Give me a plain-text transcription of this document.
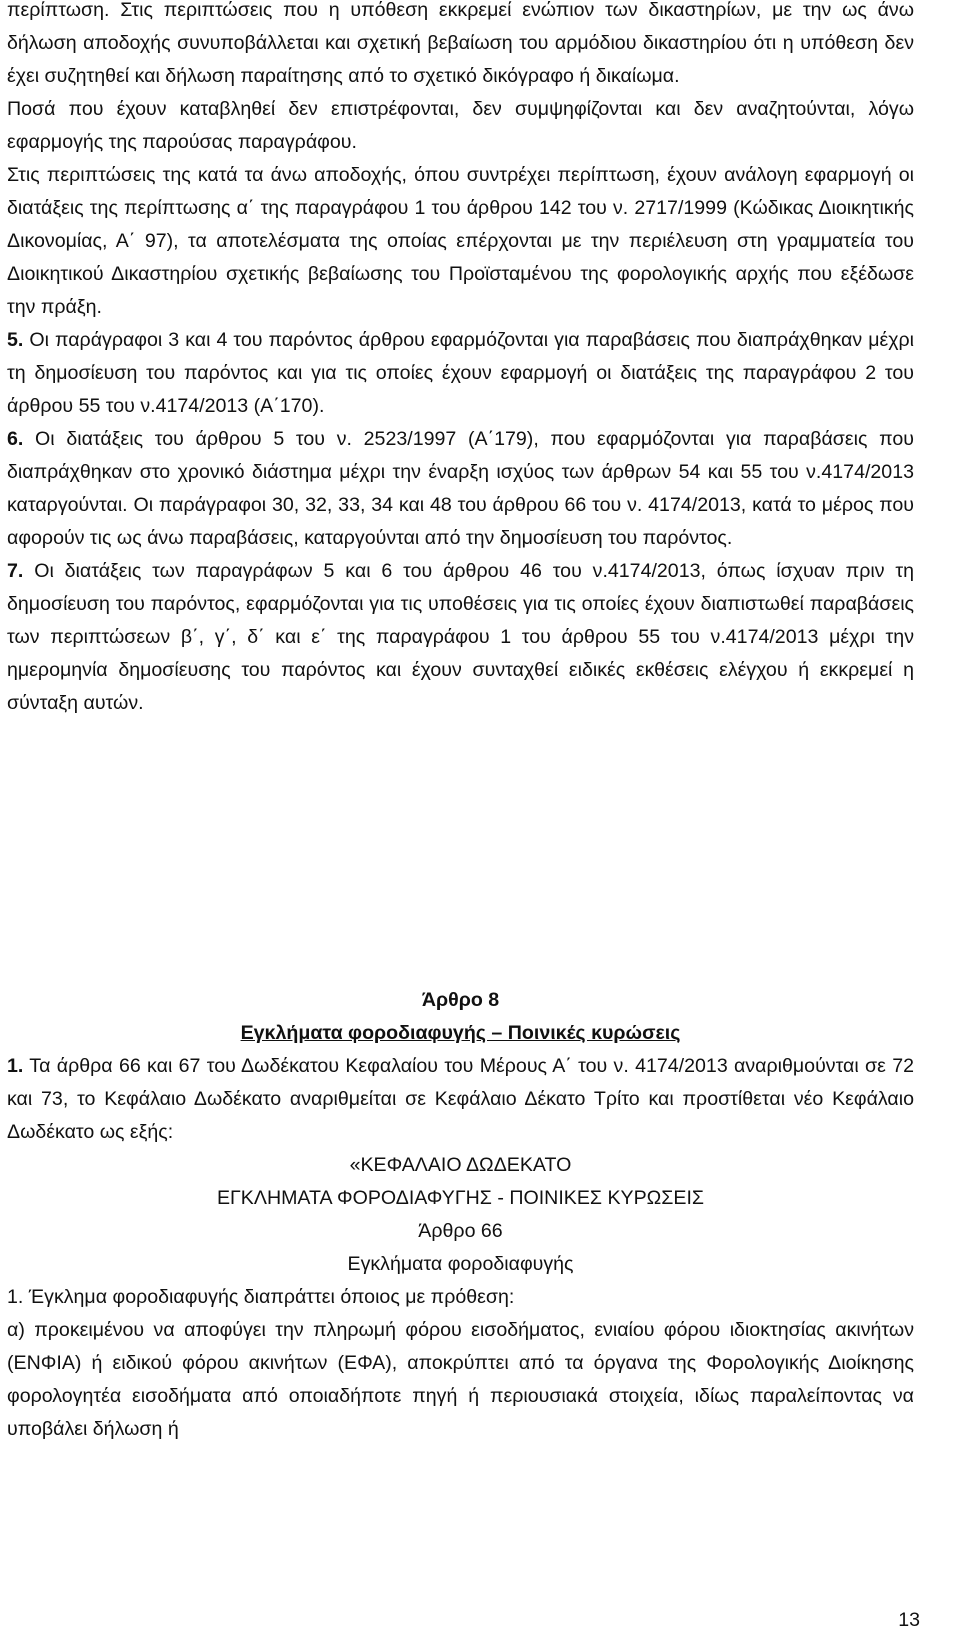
περίπτωση. Στις περιπτώσεις που η υπόθεση εκκρεμεί ενώπιον των δικαστηρίων, με την ως άνω δήλωση αποδοχής συνυποβάλλεται και σχετική βεβαίωση του αρμόδιου δικαστηρίου ότι η υπόθεση δεν έχει συζητηθεί και δήλωση παραίτησης από το σχετικό δικόγραφο ή δικαίωμα.

Ποσά που έχουν καταβληθεί δεν επιστρέφονται, δεν συμψηφίζονται και δεν αναζητούνται, λόγω εφαρμογής της παρούσας παραγράφου.

Στις περιπτώσεις της κατά τα άνω αποδοχής, όπου συντρέχει περίπτωση, έχουν ανάλογη εφαρμογή οι διατάξεις της περίπτωσης α΄ της παραγράφου 1 του άρθρου 142 του ν. 2717/1999 (Κώδικας Διοικητικής Δικονομίας, Α΄ 97), τα αποτελέσματα της οποίας επέρχονται με την περιέλευση στη γραμματεία του Διοικητικού Δικαστηρίου σχετικής βεβαίωσης του Προϊσταμένου της φορολογικής αρχής που εξέδωσε την πράξη.

5. Οι παράγραφοι 3 και 4 του παρόντος άρθρου εφαρμόζονται για παραβάσεις που διαπράχθηκαν μέχρι τη δημοσίευση του παρόντος και για τις οποίες έχουν εφαρμογή οι διατάξεις της παραγράφου 2 του άρθρου 55 του ν.4174/2013 (Α΄170).

6. Οι διατάξεις του άρθρου 5 του ν. 2523/1997 (Α΄179), που εφαρμόζονται για παραβάσεις που διαπράχθηκαν στο χρονικό διάστημα μέχρι την έναρξη ισχύος των άρθρων 54 και 55 του ν.4174/2013 καταργούνται. Οι παράγραφοι 30, 32, 33, 34 και 48 του άρθρου 66 του ν. 4174/2013, κατά το μέρος που αφορούν τις ως άνω παραβάσεις, καταργούνται από την δημοσίευση του παρόντος.

7. Οι διατάξεις των παραγράφων 5 και 6 του άρθρου 46 του ν.4174/2013, όπως ίσχυαν πριν τη δημοσίευση του παρόντος, εφαρμόζονται για τις υποθέσεις για τις οποίες έχουν διαπιστωθεί παραβάσεις των περιπτώσεων β΄, γ΄, δ΄ και ε΄ της παραγράφου 1 του άρθρου 55 του ν.4174/2013 μέχρι την ημερομηνία δημοσίευσης του παρόντος και έχουν συνταχθεί ειδικές εκθέσεις ελέγχου ή εκκρεμεί η σύνταξη αυτών.

Άρθρο 8

Εγκλήματα φοροδιαφυγής – Ποινικές κυρώσεις

1. Τα άρθρα 66 και 67 του Δωδέκατου Κεφαλαίου του Μέρους Α΄ του ν. 4174/2013 αναριθμούνται σε 72 και 73, το Κεφάλαιο Δωδέκατο αναριθμείται σε Κεφάλαιο Δέκατο Τρίτο και προστίθεται νέο Κεφάλαιο Δωδέκατο ως εξής:

«ΚΕΦΑΛΑΙΟ ΔΩΔΕΚΑΤΟ

ΕΓΚΛΗΜΑΤΑ ΦΟΡΟΔΙΑΦΥΓΗΣ - ΠΟΙΝΙΚΕΣ ΚΥΡΩΣΕΙΣ

Άρθρο 66

Εγκλήματα φοροδιαφυγής

1. Έγκλημα φοροδιαφυγής διαπράττει όποιος με πρόθεση:

α) προκειμένου να αποφύγει την πληρωμή φόρου εισοδήματος, ενιαίου φόρου ιδιοκτησίας ακινήτων (ΕΝΦΙΑ) ή ειδικού φόρου ακινήτων (ΕΦΑ), αποκρύπτει από τα όργανα της Φορολογικής Διοίκησης φορολογητέα εισοδήματα από οποιαδήποτε πηγή ή περιουσιακά στοιχεία, ιδίως παραλείποντας να υποβάλει δήλωση ή

13
